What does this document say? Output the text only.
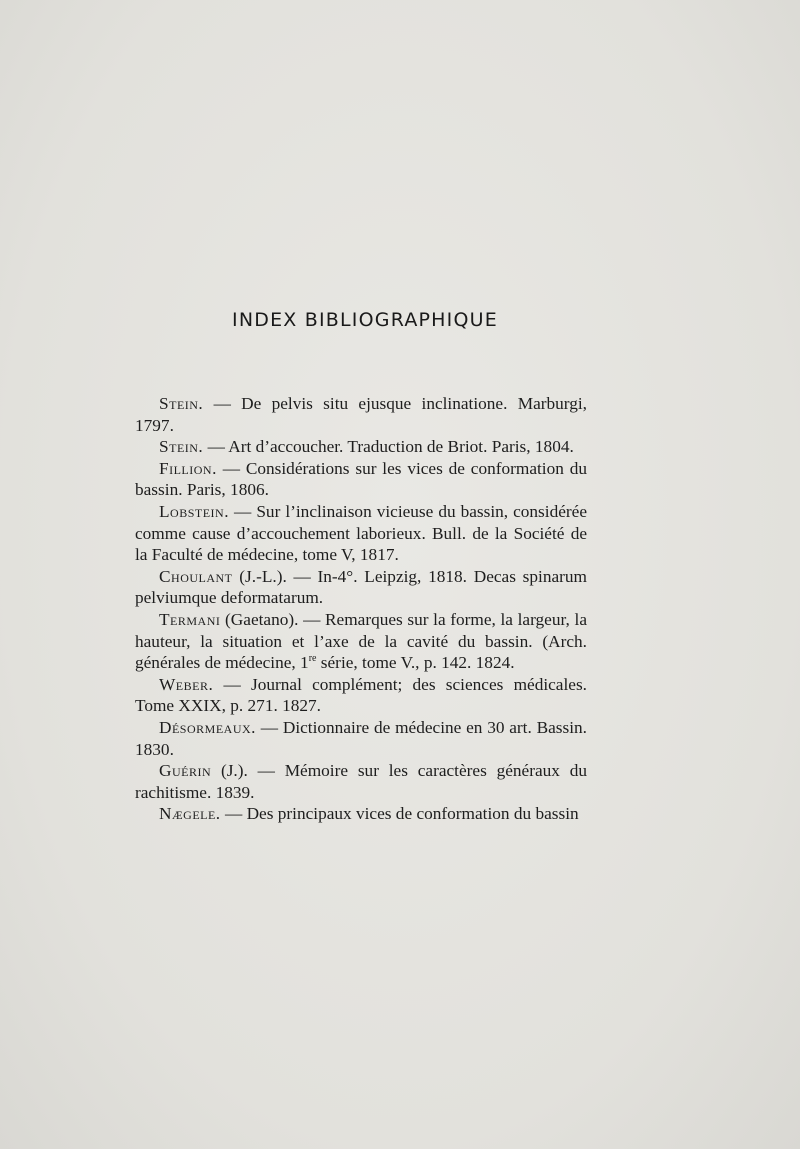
INDEX BIBLIOGRAPHIQUE

Stein. — De pelvis situ ejusque inclinatione. Marburgi, 1797.

Stein. — Art d’accoucher. Traduction de Briot. Paris, 1804.

Fillion. — Considérations sur les vices de conformation du bassin. Paris, 1806.

Lobstein. — Sur l’inclinaison vicieuse du bassin, considérée comme cause d’accouchement laborieux. Bull. de la Société de la Faculté de médecine, tome V, 1817.

Choulant (J.-L.). — In-4°. Leipzig, 1818. Decas spinarum pelviumque deformatarum.

Termani (Gaetano). — Remarques sur la forme, la largeur, la hauteur, la situation et l’axe de la cavité du bassin. (Arch. générales de médecine, 1re série, tome V., p. 142. 1824.

Weber. — Journal complément; des sciences médicales. Tome XXIX, p. 271. 1827.

Désormeaux. — Dictionnaire de médecine en 30 art. Bassin. 1830.

Guérin (J.). — Mémoire sur les caractères généraux du rachitisme. 1839.

Nægele. — Des principaux vices de conformation du bassin
